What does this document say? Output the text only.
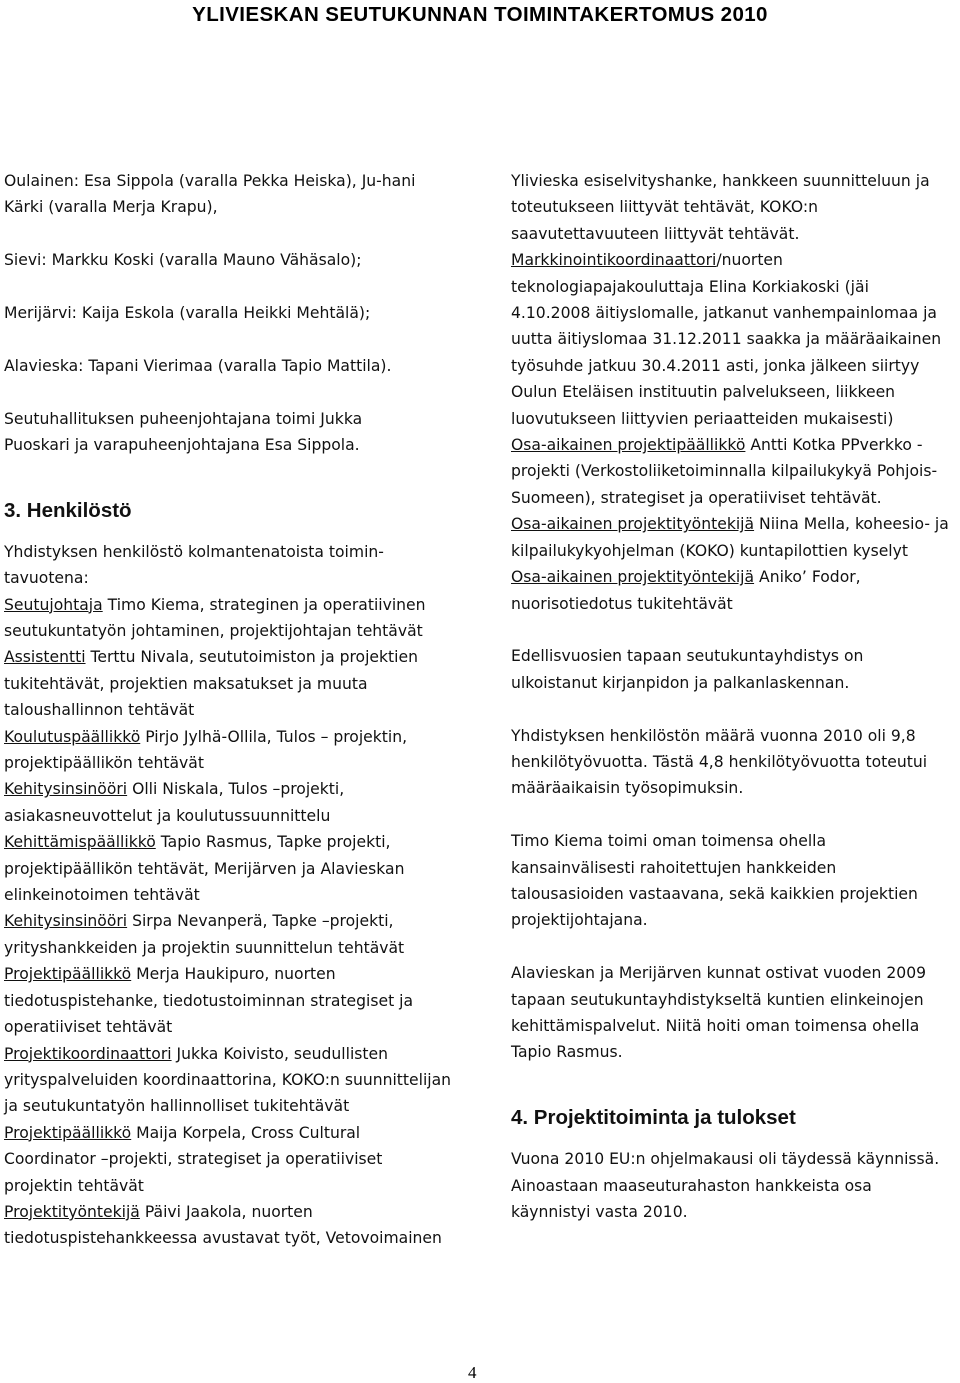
YLIVIESKAN SEUTUKUNNAN TOIMINTAKERTOMUS 2010

Oulainen: Esa Sippola (varalla Pekka Heiska), Ju-hani Kärki (varalla Merja Krapu),

Sievi: Markku Koski (varalla Mauno Vähäsalo);

Merijärvi: Kaija Eskola (varalla Heikki Mehtälä);

Alavieska: Tapani Vierimaa (varalla Tapio Mattila).

Seutuhallituksen puheenjohtajana toimi Jukka

Puoskari ja varapuheenjohtajana Esa Sippola.

3. Henkilöstö

Yhdistyksen henkilöstö kolmantenatoista toimin-tavuotena:

Seutujohtaja Timo Kiema, strateginen ja operatiivinen seutukuntatyön johtaminen, projektijohtajan tehtävät

Assistentti Terttu Nivala, seututoimiston ja projektien tukitehtävät, projektien maksatukset ja muuta taloushallinnon tehtävät

Koulutuspäällikkö Pirjo Jylhä-Ollila, Tulos – projektin, projektipäällikön tehtävät

Kehitysinsinööri Olli Niskala, Tulos –projekti, asiakasneuvottelut ja koulutussuunnittelu

Kehittämispäällikkö Tapio Rasmus, Tapke projekti, projektipäällikön tehtävät, Merijärven ja Alavieskan elinkeinotoimen tehtävät

Kehitysinsinööri Sirpa Nevanperä, Tapke –projekti, yrityshankkeiden ja projektin suunnittelun tehtävät

Projektipäällikkö Merja Haukipuro, nuorten tiedotuspistehanke, tiedotustoiminnan strategiset ja operatiiviset tehtävät

Projektikoordinaattori Jukka Koivisto, seudullisten yrityspalveluiden koordinaattorina, KOKO:n suunnittelijan ja seutukuntatyön hallinnolliset tukitehtävät

Projektipäällikkö Maija Korpela, Cross Cultural Coordinator –projekti, strategiset ja operatiiviset projektin tehtävät

Projektityöntekijä Päivi Jaakola, nuorten tiedotuspistehankkeessa avustavat työt, Vetovoimainen

Ylivieska esiselvityshanke, hankkeen suunnitteluun ja toteutukseen liittyvät tehtävät, KOKO:n saavutettavuuteen liittyvät tehtävät.

Markkinointikoordinaattori/nuorten teknologiapajakouluttaja Elina Korkiakoski (jäi 4.10.2008 äitiyslomalle, jatkanut vanhempainlomaa ja uutta äitiyslomaa 31.12.2011 saakka ja määräaikainen työsuhde jatkuu 30.4.2011 asti, jonka jälkeen siirtyy Oulun Eteläisen instituutin palvelukseen, liikkeen luovutukseen liittyvien periaatteiden mukaisesti)

Osa-aikainen projektipäällikkö Antti Kotka PPverkko -projekti (Verkostoliiketoiminnalla kilpailukykyä Pohjois-Suomeen), strategiset ja operatiiviset tehtävät.

Osa-aikainen projektityöntekijä Niina Mella, koheesio- ja kilpailukykyohjelman (KOKO) kuntapilottien kyselyt

Osa-aikainen projektityöntekijä Aniko’ Fodor, nuorisotiedotus tukitehtävät

Edellisvuosien tapaan seutukuntayhdistys on ulkoistanut kirjanpidon ja palkanlaskennan.

Yhdistyksen henkilöstön määrä vuonna 2010 oli 9,8 henkilötyövuotta. Tästä 4,8 henkilötyövuotta toteutui määräaikaisin työsopimuksin.

Timo Kiema toimi oman toimensa ohella kansainvälisesti rahoitettujen hankkeiden talousasioiden vastaavana, sekä kaikkien projektien projektijohtajana.

Alavieskan ja Merijärven kunnat ostivat vuoden 2009 tapaan seutukuntayhdistykseltä kuntien elinkeinojen kehittämispalvelut. Niitä hoiti oman toimensa ohella Tapio Rasmus.

4. Projektitoiminta ja tulokset

Vuona 2010 EU:n ohjelmakausi oli täydessä käynnissä. Ainoastaan maaseuturahaston hankkeista osa käynnistyi vasta 2010.

4
